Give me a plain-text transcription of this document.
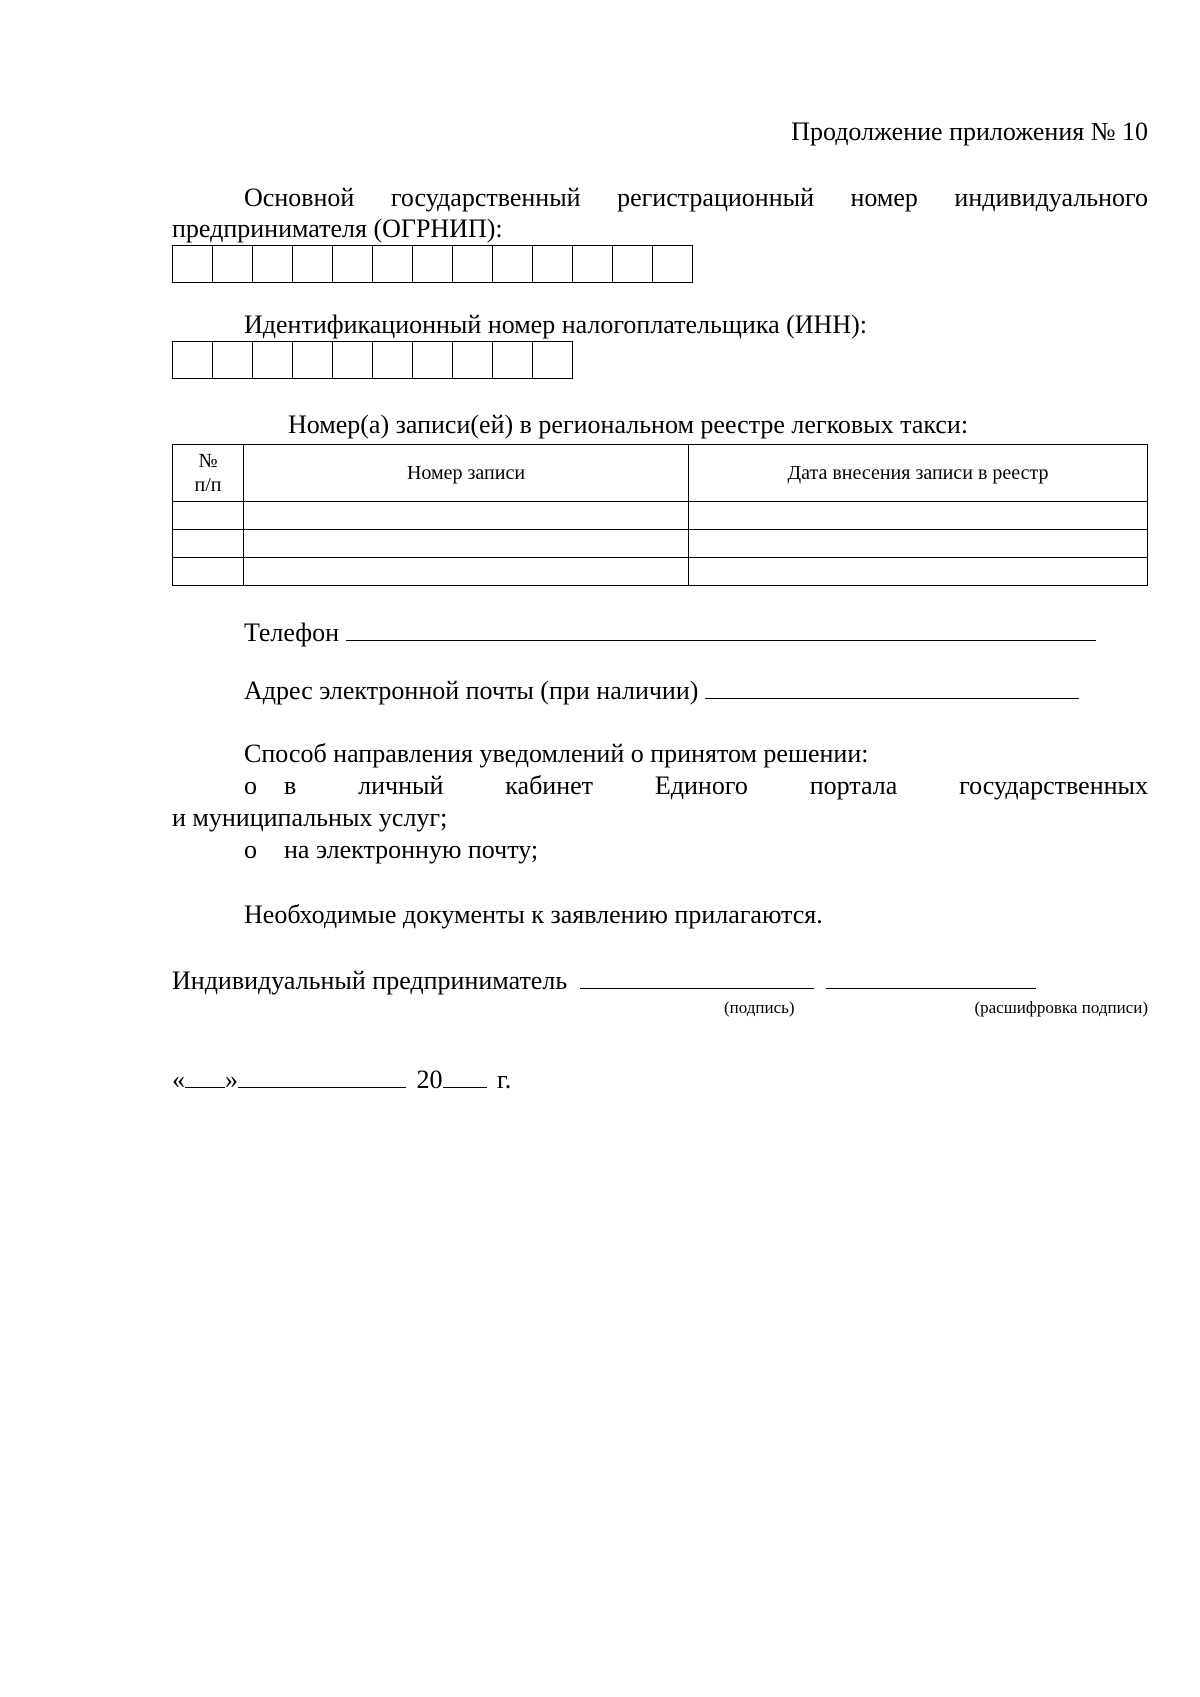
Продолжение приложения № 10
Основной государственный регистрационный номер индивидуального
предпринимателя (ОГРНИП):
Идентификационный номер налогоплательщика (ИНН):
Номер(а) записи(ей) в региональном реестре легковых такси:
№
п/п	Номер записи	Дата внесения записи в реестр

Телефон
Адрес электронной почты (при наличии)
Способ направления уведомлений о принятом решении:
o	в личный кабинет Единого портала государственных
и муниципальных услуг;
o	на электронную почту;
Необходимые документы к заявлению прилагаются.
Индивидуальный предприниматель
(подпись)	(расшифровка подписи)
« »	20 г.
